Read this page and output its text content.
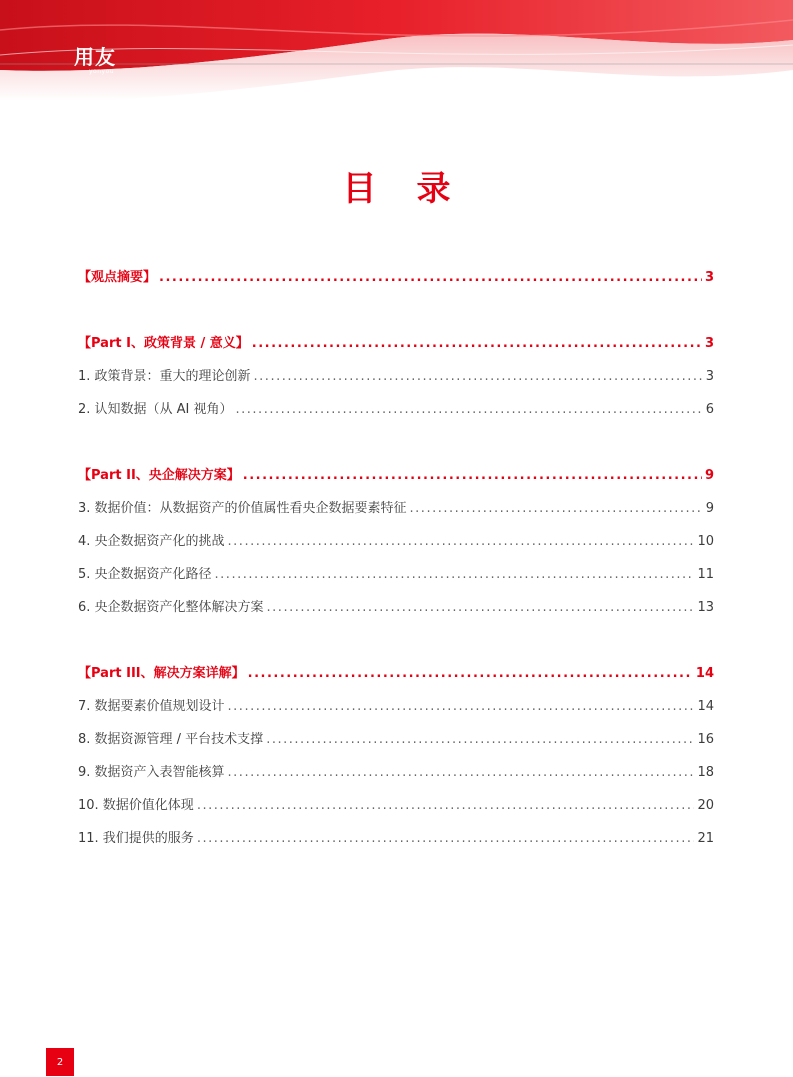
用友
yonyou
目录
【观点摘要】 .....	3
【Part I、政策背景 / 意义】 .....	3
1. 政策背景：重大的理论创新 .....	3
2. 认知数据（从 AI 视角） .....	6
【Part II、央企解决方案】 .....	9
3. 数据价值：从数据资产的价值属性看央企数据要素特征 .....	9
4. 央企数据资产化的挑战 .....	10
5. 央企数据资产化路径 .....	11
6. 央企数据资产化整体解决方案 .....	13
【Part III、解决方案详解】 .....	14
7. 数据要素价值规划设计 .....	14
8. 数据资源管理 / 平台技术支撑 .....	16
9. 数据资产入表智能核算 .....	18
10. 数据价值化体现 .....	20
11. 我们提供的服务 .....	21
2
